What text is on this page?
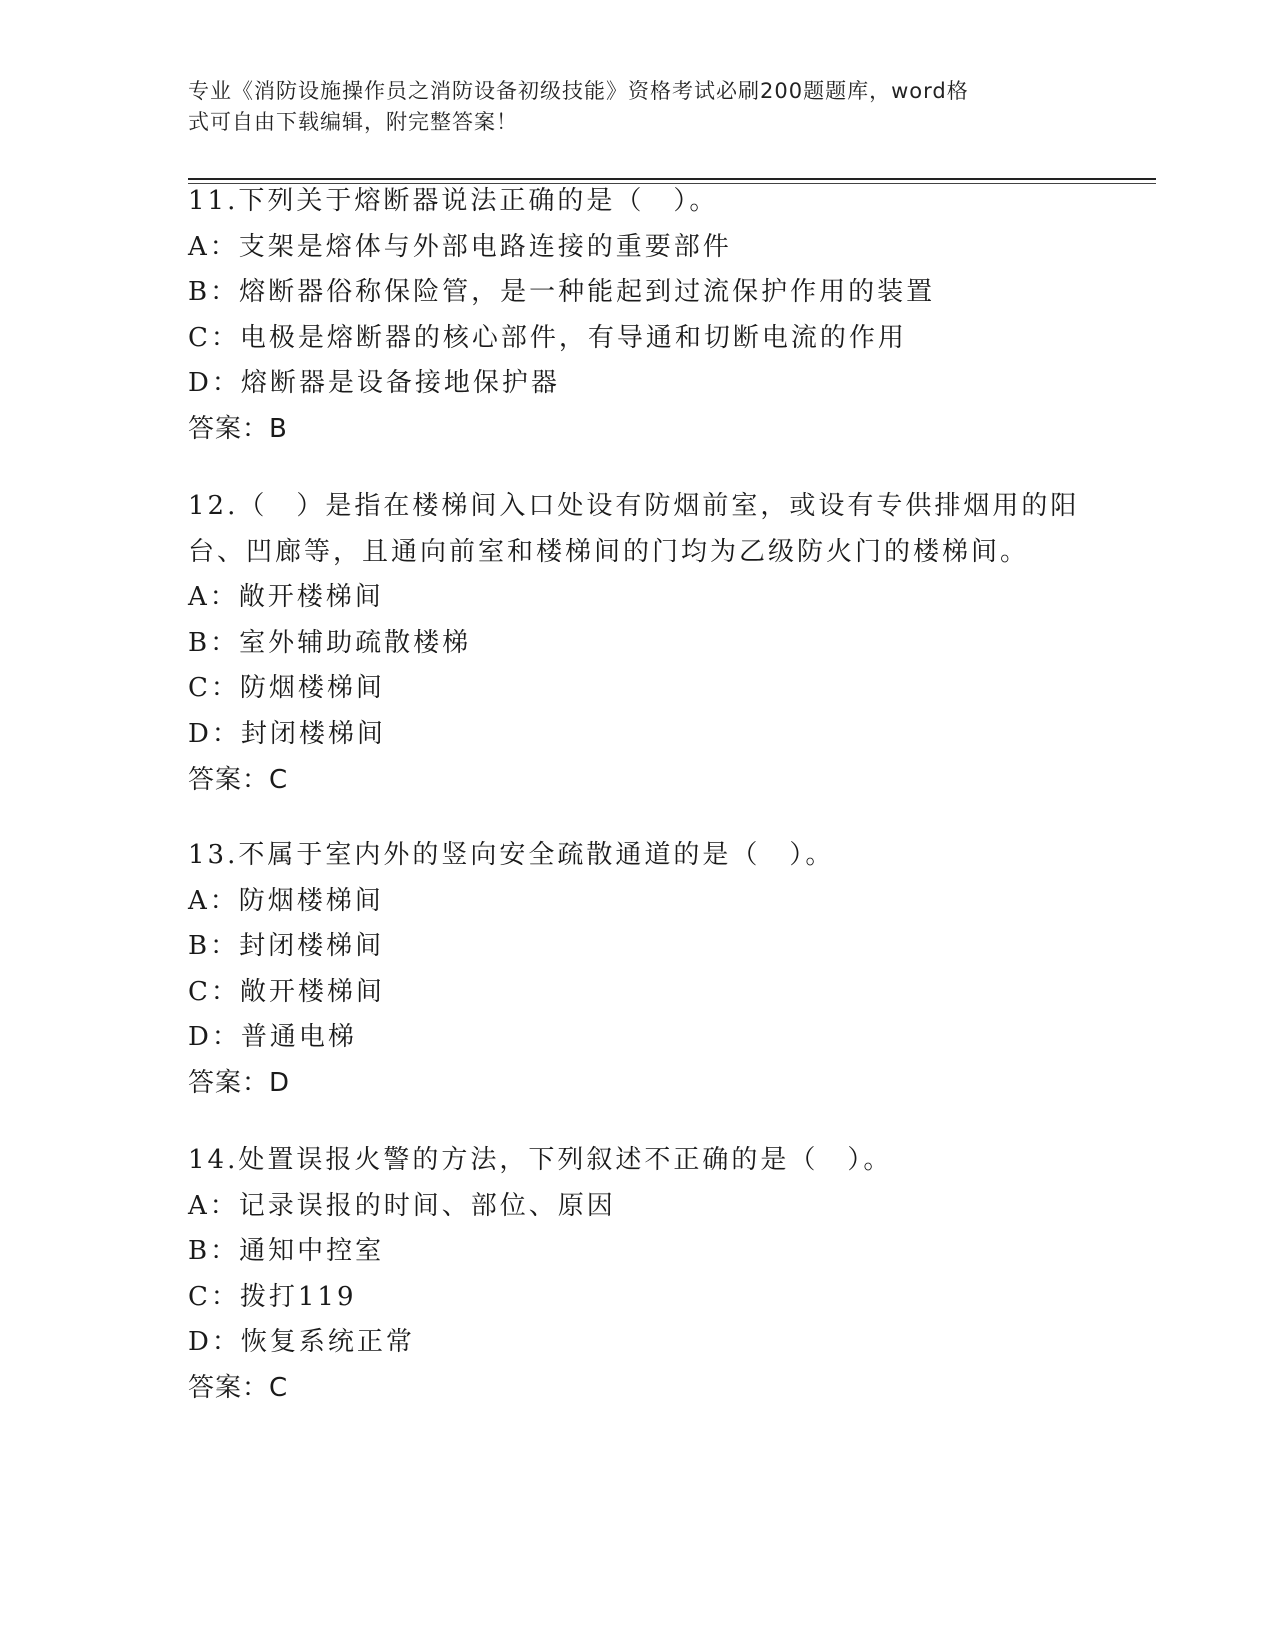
专业《消防设施操作员之消防设备初级技能》资格考试必刷200题题库，word格
式可自由下载编辑，附完整答案！
11.下列关于熔断器说法正确的是（　）。
A：支架是熔体与外部电路连接的重要部件
B：熔断器俗称保险管，是一种能起到过流保护作用的装置
C：电极是熔断器的核心部件，有导通和切断电流的作用
D：熔断器是设备接地保护器
答案：B
12.（　）是指在楼梯间入口处设有防烟前室，或设有专供排烟用的阳台、凹廊等，且通向前室和楼梯间的门均为乙级防火门的楼梯间。
A：敞开楼梯间
B：室外辅助疏散楼梯
C：防烟楼梯间
D：封闭楼梯间
答案：C
13.不属于室内外的竖向安全疏散通道的是（　）。
A：防烟楼梯间
B：封闭楼梯间
C：敞开楼梯间
D：普通电梯
答案：D
14.处置误报火警的方法，下列叙述不正确的是（　）。
A：记录误报的时间、部位、原因
B：通知中控室
C：拨打119
D：恢复系统正常
答案：C
